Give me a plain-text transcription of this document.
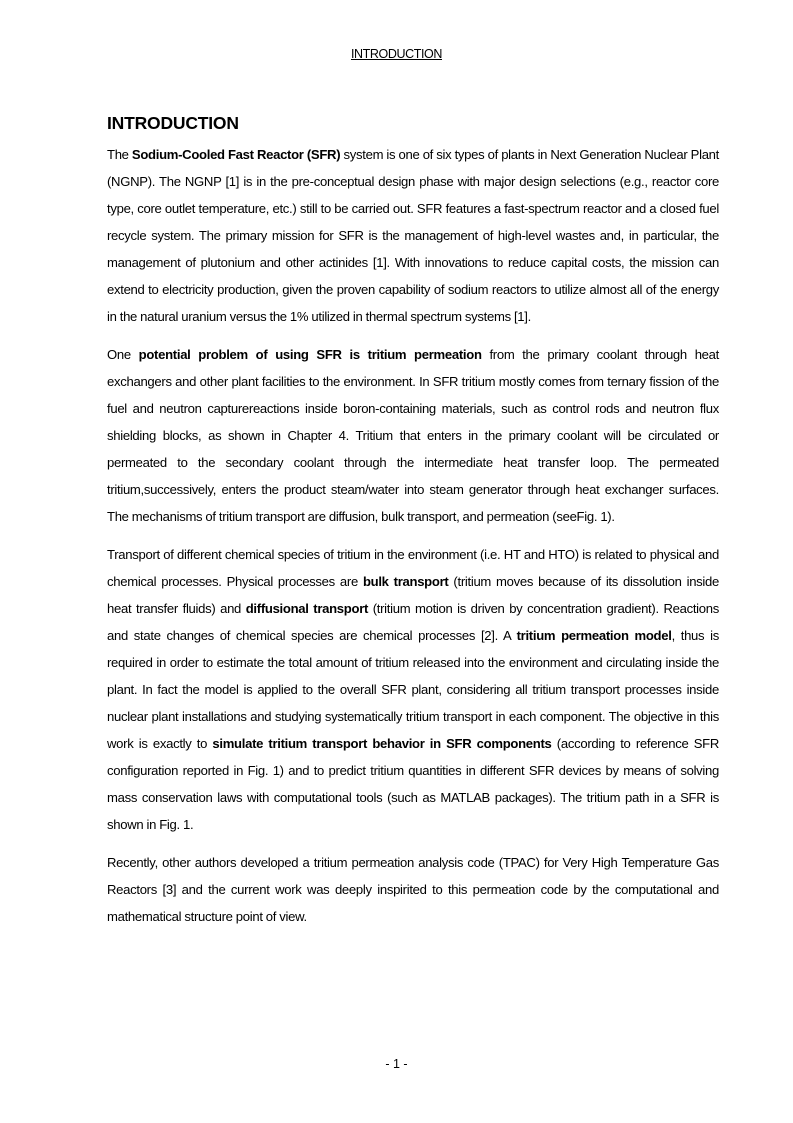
INTRODUCTION
INTRODUCTION

The Sodium-Cooled Fast Reactor (SFR) system is one of six types of plants in Next Generation Nuclear Plant (NGNP). The NGNP [1] is in the pre-conceptual design phase with major design selections (e.g., reactor core type, core outlet temperature, etc.) still to be carried out. SFR features a fast-spectrum reactor and a closed fuel recycle system. The primary mission for SFR is the management of high-level wastes and, in particular, the management of plutonium and other actinides [1]. With innovations to reduce capital costs, the mission can extend to electricity production, given the proven capability of sodium reactors to utilize almost all of the energy in the natural uranium versus the 1% utilized in thermal spectrum systems [1].

One potential problem of using SFR is tritium permeation from the primary coolant through heat exchangers and other plant facilities to the environment. In SFR tritium mostly comes from ternary fission of the fuel and neutron capturereactions inside boron-containing materials, such as control rods and neutron flux shielding blocks, as shown in Chapter 4. Tritium that enters in the primary coolant will be circulated or permeated to the secondary coolant through the intermediate heat transfer loop. The permeated tritium,successively, enters the product steam/water into steam generator through heat exchanger surfaces. The mechanisms of tritium transport are diffusion, bulk transport, and permeation (seeFig. 1).

Transport of different chemical species of tritium in the environment (i.e. HT and HTO) is related to physical and chemical processes. Physical processes are bulk transport (tritium moves because of its dissolution inside heat transfer fluids) and diffusional transport (tritium motion is driven by concentration gradient). Reactions and state changes of chemical species are chemical processes [2]. A tritium permeation model, thus is required in order to estimate the total amount of tritium released into the environment and circulating inside the plant. In fact the model is applied to the overall SFR plant, considering all tritium transport processes inside nuclear plant installations and studying systematically tritium transport in each component. The objective in this work is exactly to simulate tritium transport behavior in SFR components (according to reference SFR configuration reported in Fig. 1) and to predict tritium quantities in different SFR devices by means of solving mass conservation laws with computational tools (such as MATLAB packages). The tritium path in a SFR is shown in Fig. 1.

Recently, other authors developed a tritium permeation analysis code (TPAC) for Very High Temperature Gas Reactors [3] and the current work was deeply inspirited to this permeation code by the computational and mathematical structure point of view.

- 1 -
